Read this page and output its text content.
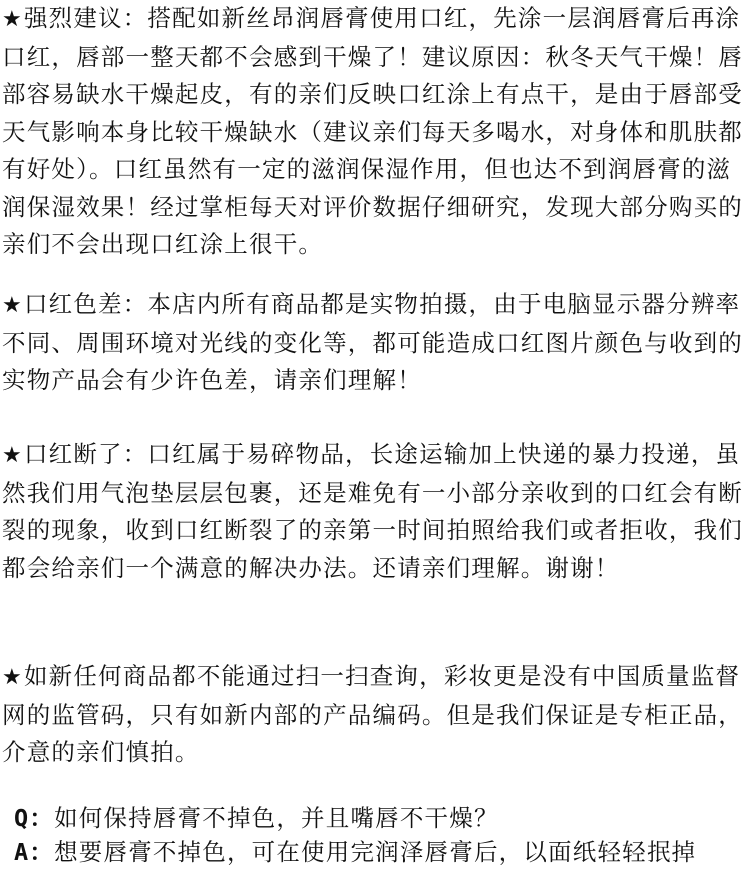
★强烈建议：搭配如新丝昂润唇膏使用口红，先涂一层润唇膏后再涂口红，唇部一整天都不会感到干燥了！建议原因：秋冬天气干燥！唇部容易缺水干燥起皮，有的亲们反映口红涂上有点干，是由于唇部受天气影响本身比较干燥缺水（建议亲们每天多喝水，对身体和肌肤都有好处）。口红虽然有一定的滋润保湿作用，但也达不到润唇膏的滋润保湿效果！经过掌柜每天对评价数据仔细研究，发现大部分购买的亲们不会出现口红涂上很干。

★口红色差：本店内所有商品都是实物拍摄，由于电脑显示器分辨率不同、周围环境对光线的变化等，都可能造成口红图片颜色与收到的实物产品会有少许色差，请亲们理解！

★口红断了：口红属于易碎物品，长途运输加上快递的暴力投递，虽然我们用气泡垫层层包裹，还是难免有一小部分亲收到的口红会有断裂的现象，收到口红断裂了的亲第一时间拍照给我们或者拒收，我们都会给亲们一个满意的解决办法。还请亲们理解。谢谢！

★如新任何商品都不能通过扫一扫查询，彩妆更是没有中国质量监督网的监管码，只有如新内部的产品编码。但是我们保证是专柜正品，介意的亲们慎拍。

Q：如何保持唇膏不掉色，并且嘴唇不干燥？

A：想要唇膏不掉色，可在使用完润泽唇膏后，以面纸轻轻抿掉
